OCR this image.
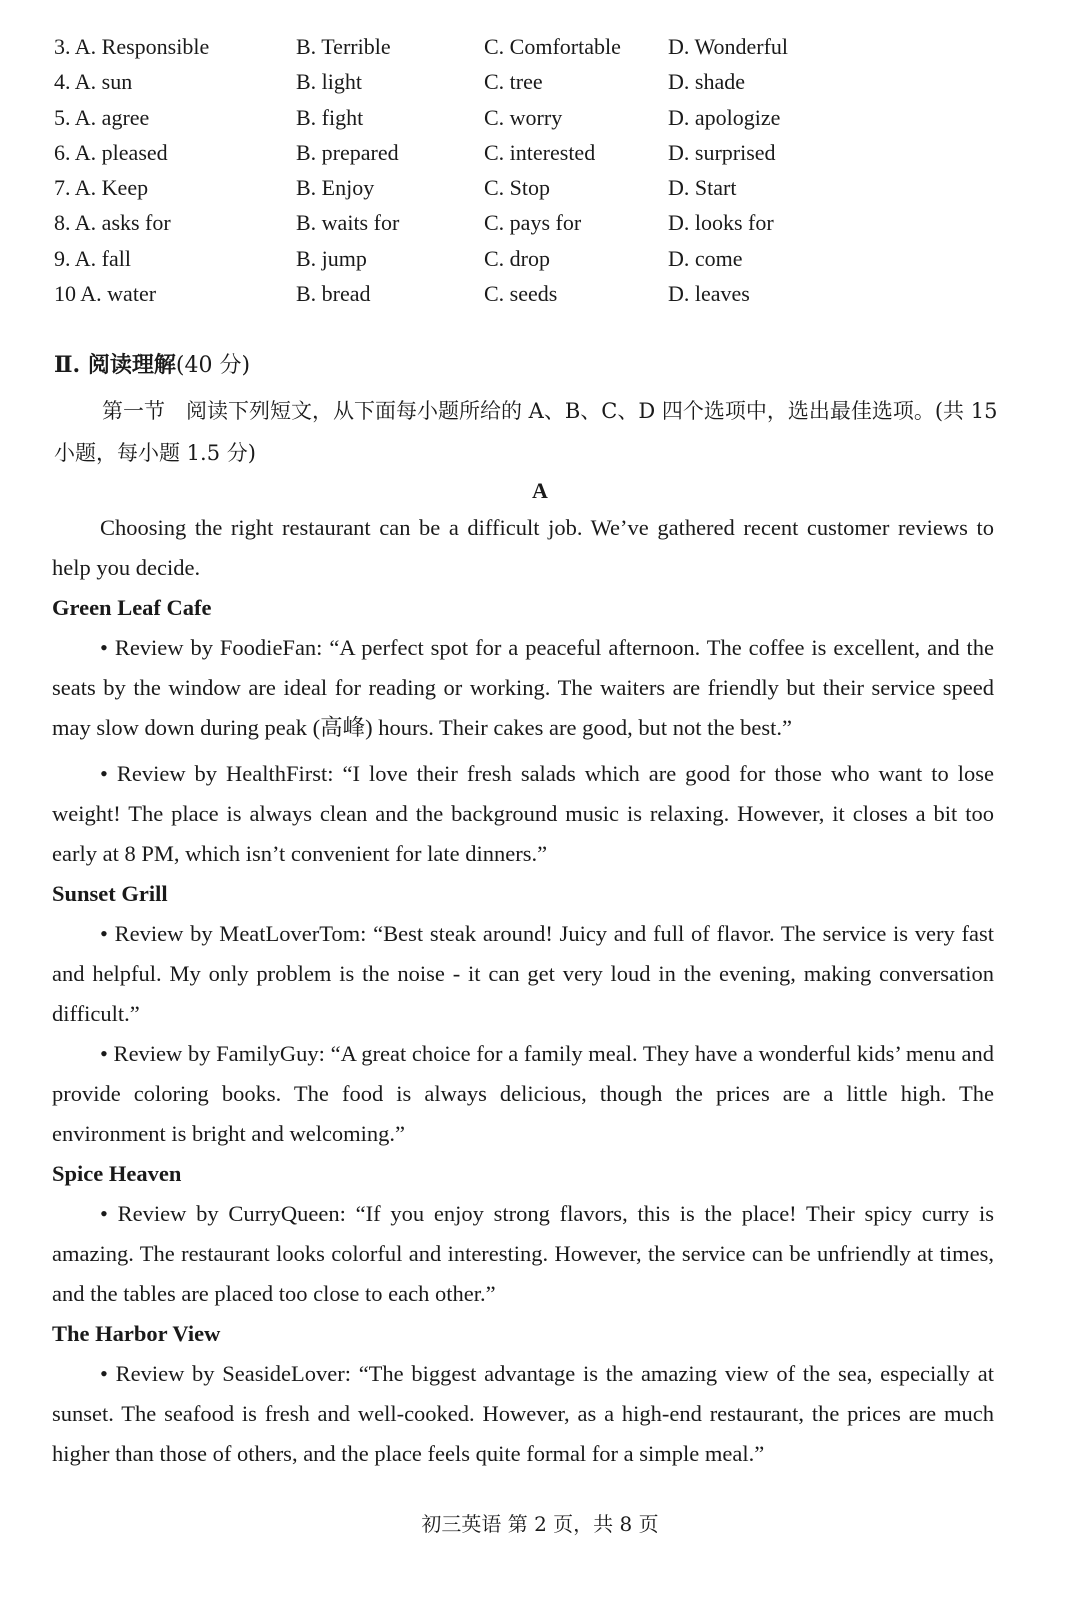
3. A. Responsible	B. Terrible	C. Comfortable D. Wonderful
4. A. sun	B. light	C. tree	D. shade
5. A. agree	B. fight	C. worry	D. apologize
6. A. pleased	B. prepared	C. interested	D. surprised
7. A. Keep	B. Enjoy	C. Stop	D. Start
8. A. asks for	B. waits for	C. pays for	D. looks for
9. A. fall	B. jump	C. drop	D. come
10 A. water	B. bread	C. seeds	D. leaves
Ⅱ. 阅读理解(40 分)
第一节　阅读下列短文，从下面每小题所给的 A、B、C、D 四个选项中，选出最佳选项。(共 15 小题，每小题 1.5 分)
A

Choosing the right restaurant can be a difficult job. We’ve gathered recent customer reviews to help you decide.

Green Leaf Cafe

• Review by FoodieFan: “A perfect spot for a peaceful afternoon. The coffee is excellent, and the seats by the window are ideal for reading or working. The waiters are friendly but their service speed may slow down during peak (高峰) hours. Their cakes are good, but not the best.”

• Review by HealthFirst: “I love their fresh salads which are good for those who want to lose weight! The place is always clean and the background music is relaxing. However, it closes a bit too early at 8 PM, which isn’t convenient for late dinners.”

Sunset Grill

• Review by MeatLoverTom: “Best steak around! Juicy and full of flavor. The service is very fast and helpful. My only problem is the noise - it can get very loud in the evening, making conversation difficult.”

• Review by FamilyGuy: “A great choice for a family meal. They have a wonderful kids’ menu and provide coloring books. The food is always delicious, though the prices are a little high. The environment is bright and welcoming.”

Spice Heaven

• Review by CurryQueen: “If you enjoy strong flavors, this is the place! Their spicy curry is amazing. The restaurant looks colorful and interesting. However, the service can be unfriendly at times, and the tables are placed too close to each other.”

The Harbor View

• Review by SeasideLover: “The biggest advantage is the amazing view of the sea, especially at sunset. The seafood is fresh and well-cooked. However, as a high-end restaurant, the prices are much higher than those of others, and the place feels quite formal for a simple meal.”

初三英语 第 2 页，共 8 页
